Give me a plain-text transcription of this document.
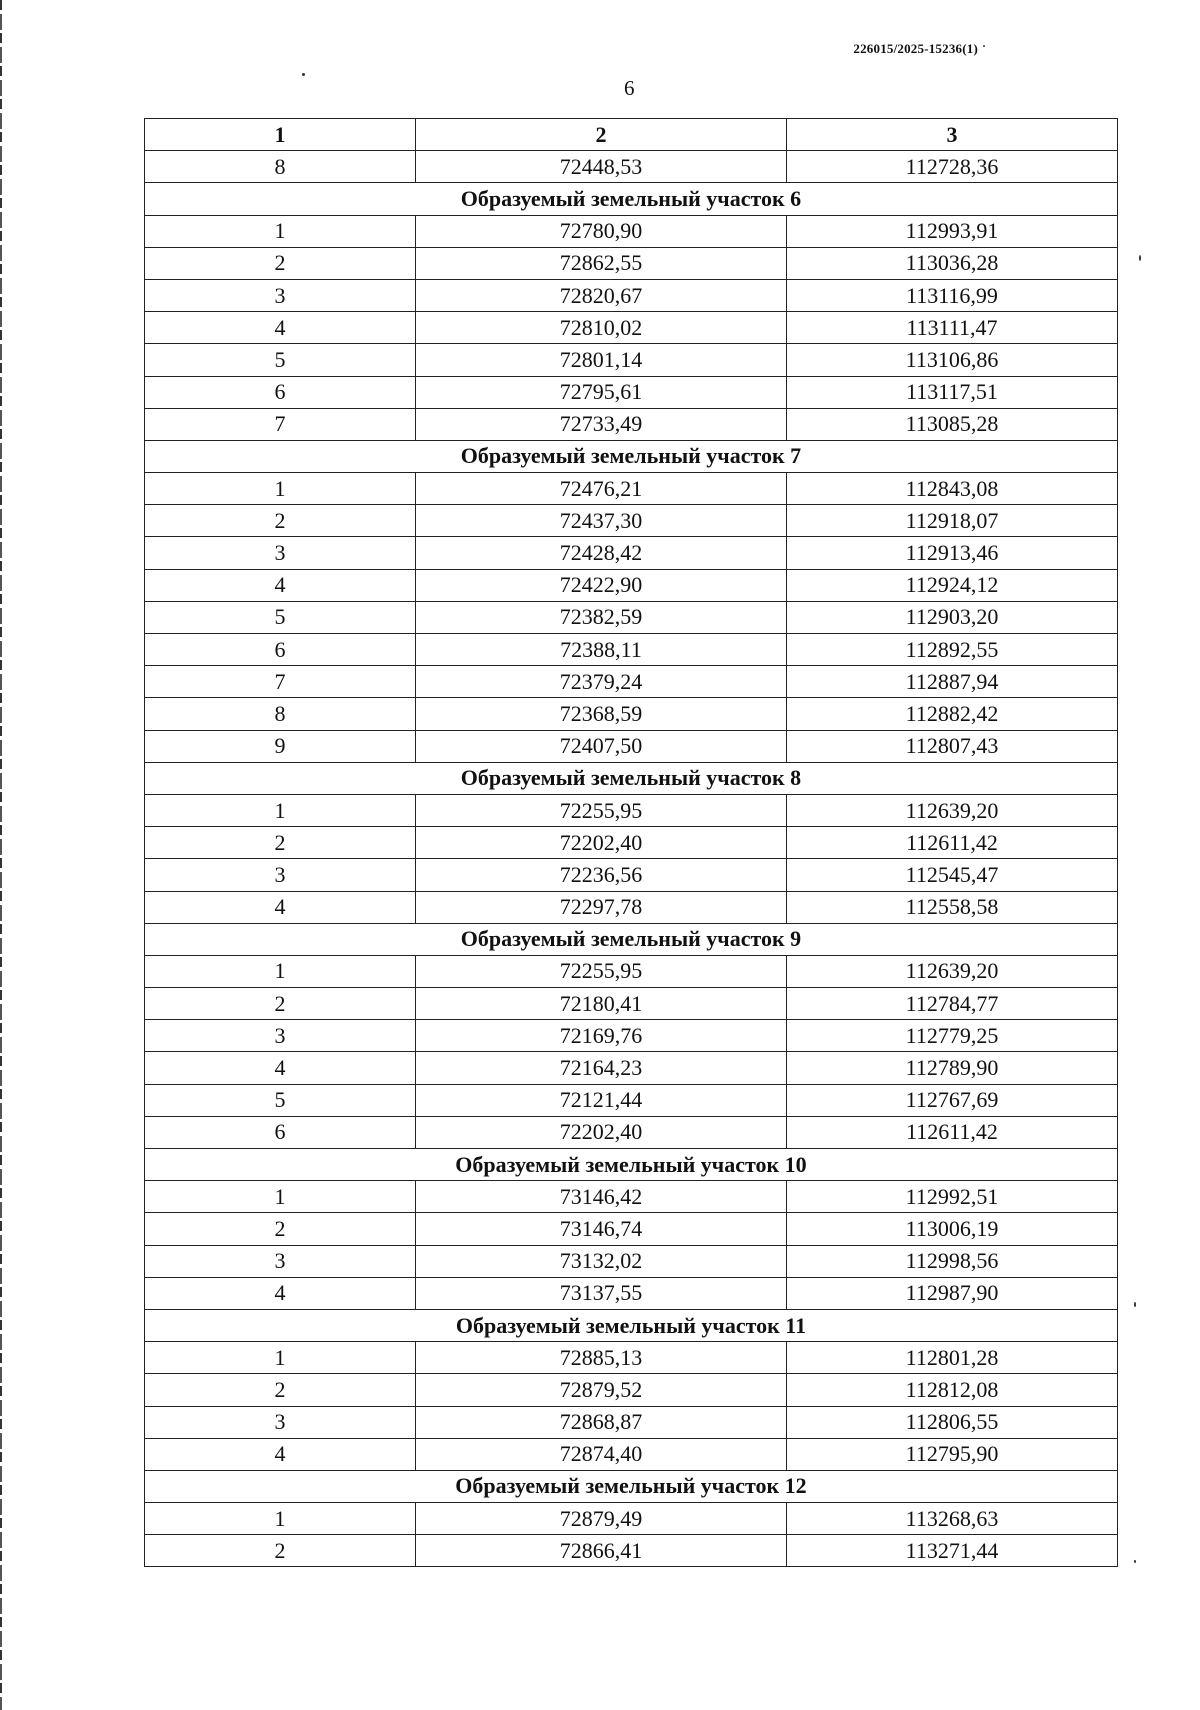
226015/2025-15236(1)
6
1	2	3
8	72448,53	112728,36
Образуемый земельный участок 6		
1	72780,90	112993,91
2	72862,55	113036,28
3	72820,67	113116,99
4	72810,02	113111,47
5	72801,14	113106,86
6	72795,61	113117,51
7	72733,49	113085,28
Образуемый земельный участок 7		
1	72476,21	112843,08
2	72437,30	112918,07
3	72428,42	112913,46
4	72422,90	112924,12
5	72382,59	112903,20
6	72388,11	112892,55
7	72379,24	112887,94
8	72368,59	112882,42
9	72407,50	112807,43
Образуемый земельный участок 8		
1	72255,95	112639,20
2	72202,40	112611,42
3	72236,56	112545,47
4	72297,78	112558,58
Образуемый земельный участок 9		
1	72255,95	112639,20
2	72180,41	112784,77
3	72169,76	112779,25
4	72164,23	112789,90
5	72121,44	112767,69
6	72202,40	112611,42
Образуемый земельный участок 10		
1	73146,42	112992,51
2	73146,74	113006,19
3	73132,02	112998,56
4	73137,55	112987,90
Образуемый земельный участок 11		
1	72885,13	112801,28
2	72879,52	112812,08
3	72868,87	112806,55
4	72874,40	112795,90
Образуемый земельный участок 12		
1	72879,49	113268,63
2	72866,41	113271,44
